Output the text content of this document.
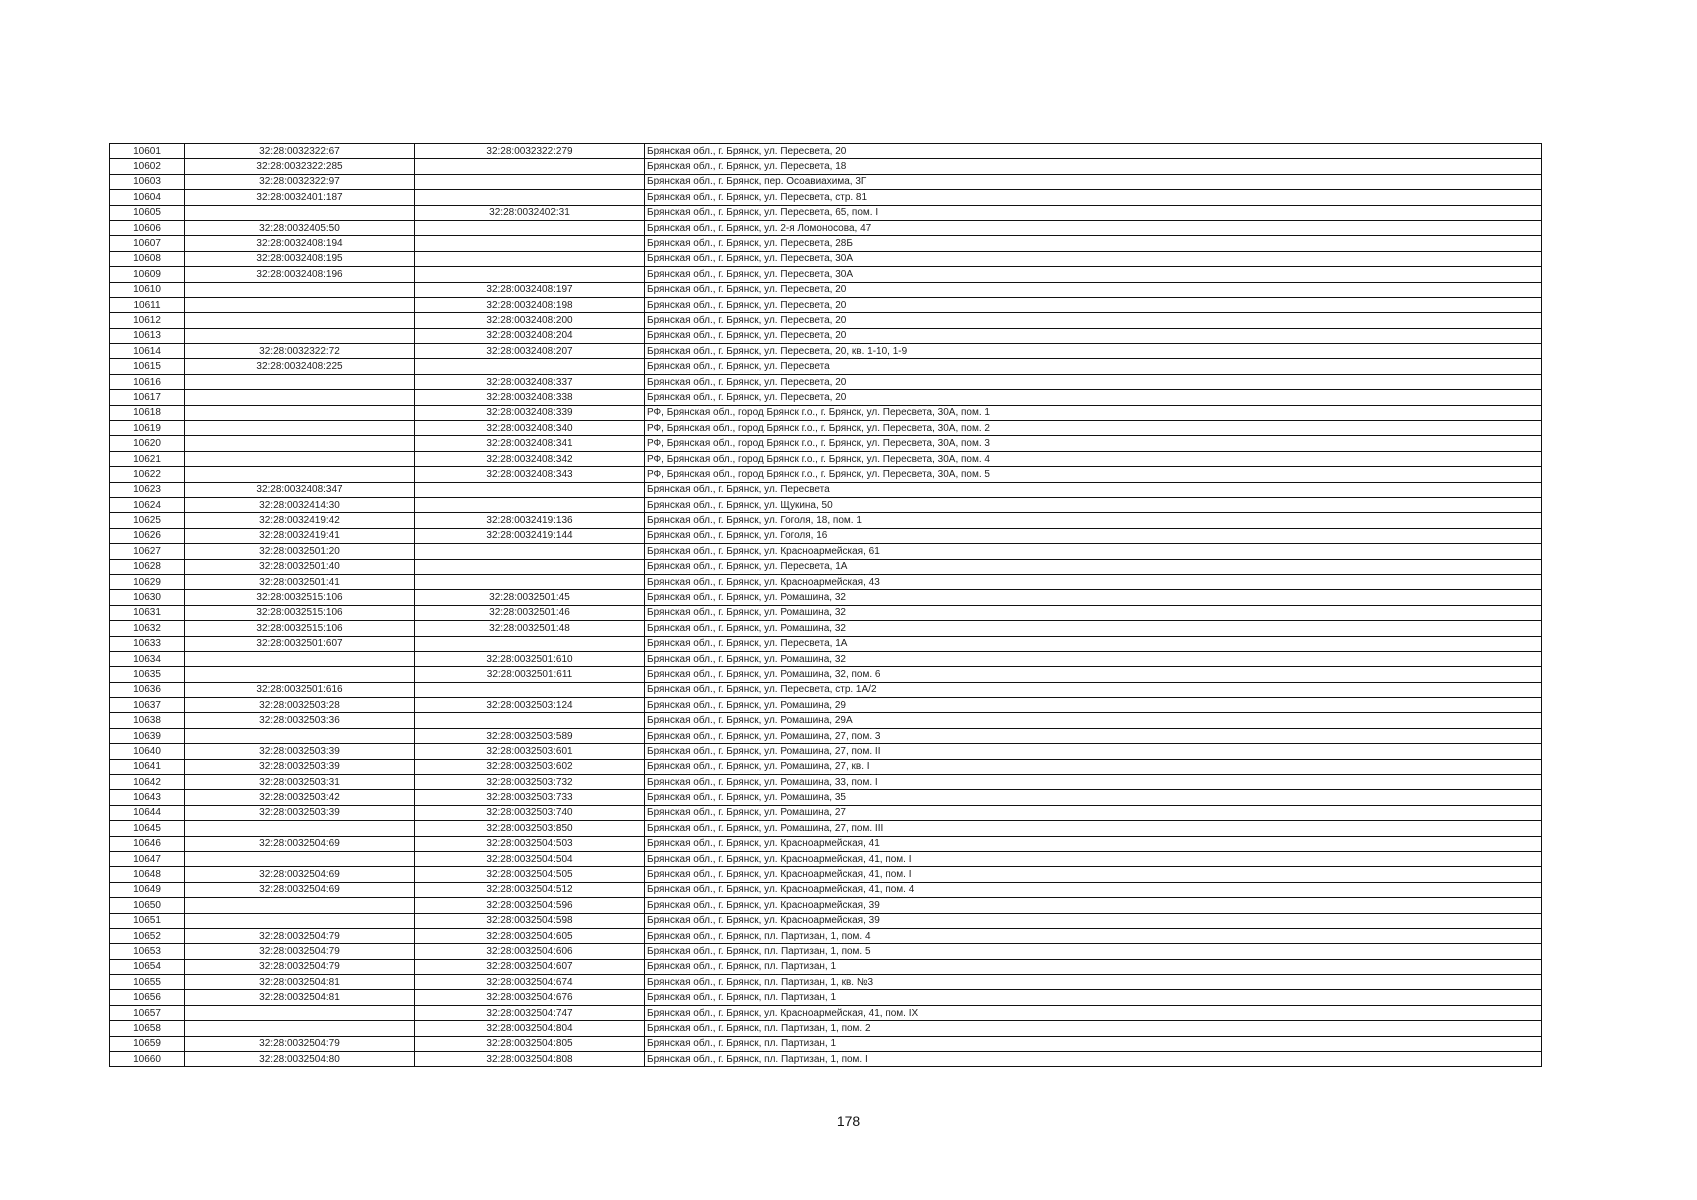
10601	32:28:0032322:67	32:28:0032322:279	Брянская обл., г. Брянск, ул. Пересвета, 20
10602	32:28:0032322:285		Брянская обл., г. Брянск, ул. Пересвета, 18
10603	32:28:0032322:97		Брянская обл., г. Брянск, пер. Осоавиахима, 3Г
10604	32:28:0032401:187		Брянская обл., г. Брянск, ул. Пересвета, стр. 81
10605		32:28:0032402:31	Брянская обл., г. Брянск, ул. Пересвета, 65, пом. I
10606	32:28:0032405:50		Брянская обл., г. Брянск, ул. 2-я Ломоносова, 47
10607	32:28:0032408:194		Брянская обл., г. Брянск, ул. Пересвета, 28Б
10608	32:28:0032408:195		Брянская обл., г. Брянск, ул. Пересвета, 30А
10609	32:28:0032408:196		Брянская обл., г. Брянск, ул. Пересвета, 30А
10610		32:28:0032408:197	Брянская обл., г. Брянск, ул. Пересвета, 20
10611		32:28:0032408:198	Брянская обл., г. Брянск, ул. Пересвета, 20
10612		32:28:0032408:200	Брянская обл., г. Брянск, ул. Пересвета, 20
10613		32:28:0032408:204	Брянская обл., г. Брянск, ул. Пересвета, 20
10614	32:28:0032322:72	32:28:0032408:207	Брянская обл., г. Брянск, ул. Пересвета, 20, кв. 1-10, 1-9
10615	32:28:0032408:225		Брянская обл., г. Брянск, ул. Пересвета
10616		32:28:0032408:337	Брянская обл., г. Брянск, ул. Пересвета, 20
10617		32:28:0032408:338	Брянская обл., г. Брянск, ул. Пересвета, 20
10618		32:28:0032408:339	РФ, Брянская обл., город Брянск г.о., г. Брянск, ул. Пересвета, 30А, пом. 1
10619		32:28:0032408:340	РФ, Брянская обл., город Брянск г.о., г. Брянск, ул. Пересвета, 30А, пом. 2
10620		32:28:0032408:341	РФ, Брянская обл., город Брянск г.о., г. Брянск, ул. Пересвета, 30А, пом. 3
10621		32:28:0032408:342	РФ, Брянская обл., город Брянск г.о., г. Брянск, ул. Пересвета, 30А, пом. 4
10622		32:28:0032408:343	РФ, Брянская обл., город Брянск г.о., г. Брянск, ул. Пересвета, 30А, пом. 5
10623	32:28:0032408:347		Брянская обл., г. Брянск, ул. Пересвета
10624	32:28:0032414:30		Брянская обл., г. Брянск, ул. Щукина, 50
10625	32:28:0032419:42	32:28:0032419:136	Брянская обл., г. Брянск, ул. Гоголя, 18, пом. 1
10626	32:28:0032419:41	32:28:0032419:144	Брянская обл., г. Брянск, ул. Гоголя, 16
10627	32:28:0032501:20		Брянская обл., г. Брянск, ул. Красноармейская, 61
10628	32:28:0032501:40		Брянская обл., г. Брянск, ул. Пересвета, 1А
10629	32:28:0032501:41		Брянская обл., г. Брянск, ул. Красноармейская, 43
10630	32:28:0032515:106	32:28:0032501:45	Брянская обл., г. Брянск, ул. Ромашина, 32
10631	32:28:0032515:106	32:28:0032501:46	Брянская обл., г. Брянск, ул. Ромашина, 32
10632	32:28:0032515:106	32:28:0032501:48	Брянская обл., г. Брянск, ул. Ромашина, 32
10633	32:28:0032501:607		Брянская обл., г. Брянск, ул. Пересвета, 1А
10634		32:28:0032501:610	Брянская обл., г. Брянск, ул. Ромашина, 32
10635		32:28:0032501:611	Брянская обл., г. Брянск, ул. Ромашина, 32, пом. 6
10636	32:28:0032501:616		Брянская обл., г. Брянск, ул. Пересвета, стр. 1А/2
10637	32:28:0032503:28	32:28:0032503:124	Брянская обл., г. Брянск, ул. Ромашина, 29
10638	32:28:0032503:36		Брянская обл., г. Брянск, ул. Ромашина, 29А
10639		32:28:0032503:589	Брянская обл., г. Брянск, ул. Ромашина, 27, пом. 3
10640	32:28:0032503:39	32:28:0032503:601	Брянская обл., г. Брянск, ул. Ромашина, 27, пом. II
10641	32:28:0032503:39	32:28:0032503:602	Брянская обл., г. Брянск, ул. Ромашина, 27, кв. I
10642	32:28:0032503:31	32:28:0032503:732	Брянская обл., г. Брянск, ул. Ромашина, 33, пом. I
10643	32:28:0032503:42	32:28:0032503:733	Брянская обл., г. Брянск, ул. Ромашина, 35
10644	32:28:0032503:39	32:28:0032503:740	Брянская обл., г. Брянск, ул. Ромашина, 27
10645		32:28:0032503:850	Брянская обл., г. Брянск, ул. Ромашина, 27, пом. III
10646	32:28:0032504:69	32:28:0032504:503	Брянская обл., г. Брянск, ул. Красноармейская, 41
10647		32:28:0032504:504	Брянская обл., г. Брянск, ул. Красноармейская, 41, пом. I
10648	32:28:0032504:69	32:28:0032504:505	Брянская обл., г. Брянск, ул. Красноармейская, 41, пом. I
10649	32:28:0032504:69	32:28:0032504:512	Брянская обл., г. Брянск, ул. Красноармейская, 41, пом. 4
10650		32:28:0032504:596	Брянская обл., г. Брянск, ул. Красноармейская, 39
10651		32:28:0032504:598	Брянская обл., г. Брянск, ул. Красноармейская, 39
10652	32:28:0032504:79	32:28:0032504:605	Брянская обл., г. Брянск, пл. Партизан, 1, пом. 4
10653	32:28:0032504:79	32:28:0032504:606	Брянская обл., г. Брянск, пл. Партизан, 1, пом. 5
10654	32:28:0032504:79	32:28:0032504:607	Брянская обл., г. Брянск, пл. Партизан, 1
10655	32:28:0032504:81	32:28:0032504:674	Брянская обл., г. Брянск, пл. Партизан, 1, кв. №3
10656	32:28:0032504:81	32:28:0032504:676	Брянская обл., г. Брянск, пл. Партизан, 1
10657		32:28:0032504:747	Брянская обл., г. Брянск, ул. Красноармейская, 41, пом. IX
10658		32:28:0032504:804	Брянская обл., г. Брянск, пл. Партизан, 1, пом. 2
10659	32:28:0032504:79	32:28:0032504:805	Брянская обл., г. Брянск, пл. Партизан, 1
10660	32:28:0032504:80	32:28:0032504:808	Брянская обл., г. Брянск, пл. Партизан, 1, пом. I
178
